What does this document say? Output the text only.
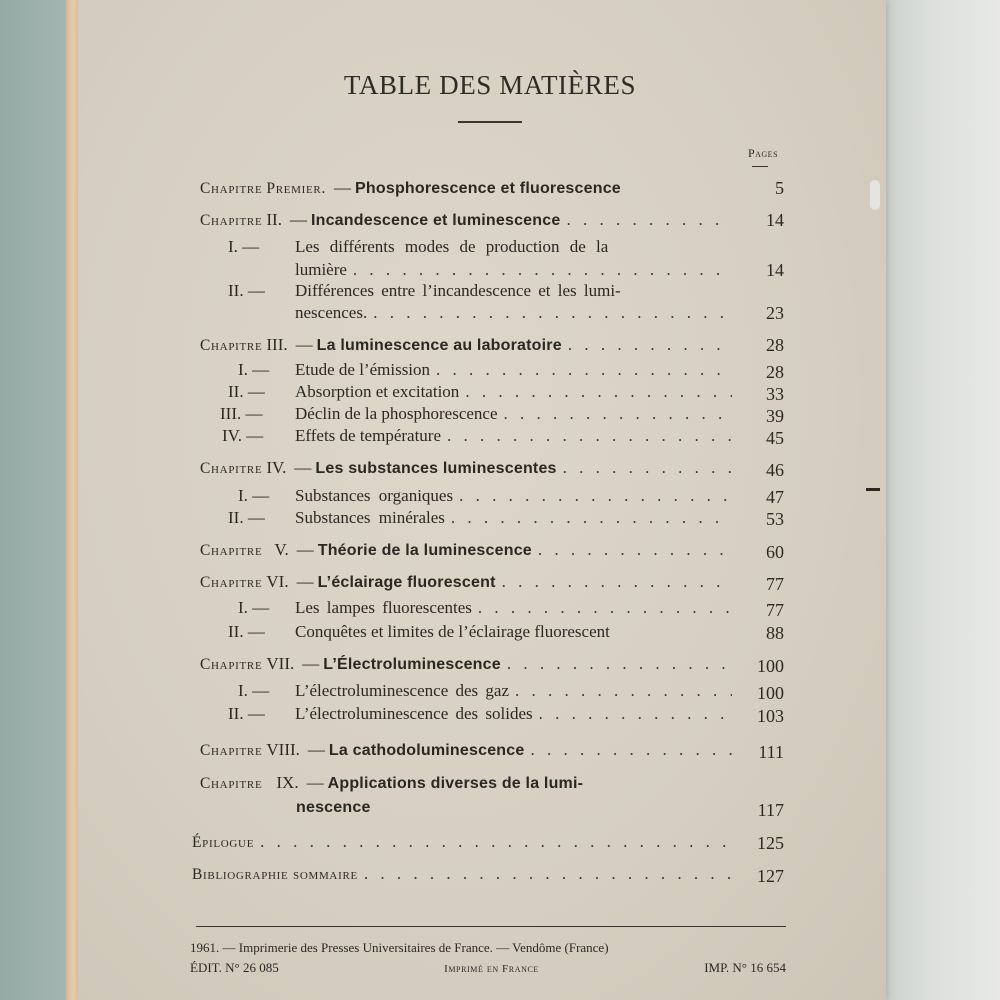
TABLE DES MATIÈRES
Pages
Chapitre Premier. — Phosphorescence et fluorescence	5
Chapitre II. — Incandescence et luminescence . . .	14
I. — Les différents modes de production de la
lumière . . .	14
II. — Différences entre l’incandescence et les lumi-
nescences. . . .	23
Chapitre III. — La luminescence au laboratoire . . .	28
I. — Etude de l’émission . . .	28
II. — Absorption et excitation . . .	33
III. — Déclin de la phosphorescence . . .	39
IV. — Effets de température . . .	45
Chapitre IV. — Les substances luminescentes . . .	46
I. — Substances organiques . . .	47
II. — Substances minérales . . .	53
Chapitre V. — Théorie de la luminescence . . .	60
Chapitre VI. — L’éclairage fluorescent . . .	77
I. — Les lampes fluorescentes . . .	77
II. — Conquêtes et limites de l’éclairage fluorescent	88
Chapitre VII. — L’Électroluminescence . . .	100
I. — L’électroluminescence des gaz . . .	100
II. — L’électroluminescence des solides . . .	103
Chapitre VIII. — La cathodoluminescence . . .	111
Chapitre IX. — Applications diverses de la lumi-
nescence	117
Épilogue . . .	125
Bibliographie sommaire . . .	127
1961. — Imprimerie des Presses Universitaires de France. — Vendôme (France)
ÉDIT. N° 26 085	Imprimé en France	IMP. N° 16 654
